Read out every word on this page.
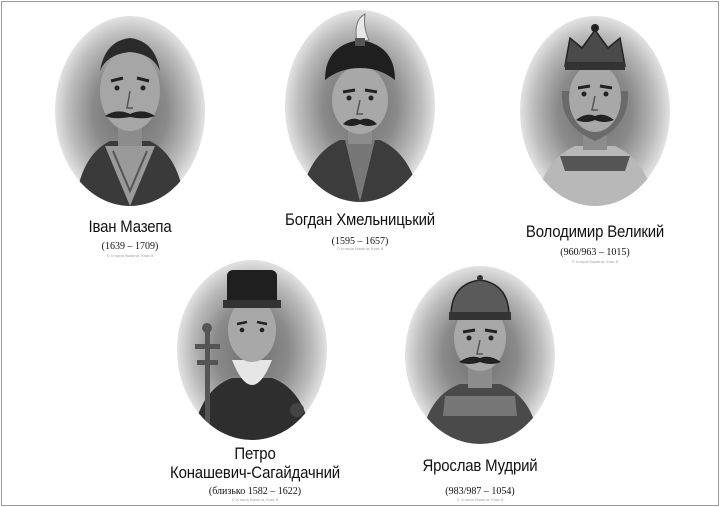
Іван Мазепа
(1639 – 1709)
© Історія України, Клас 8
Богдан Хмельницький
(1595 – 1657)
© Історія України, Клас 8
Володимир Великий
(960/963 – 1015)
© Історія України, Клас 8
Петро
Конашевич-Сагайдачний
(близько 1582 – 1622)
© Історія України, Клас 8
Ярослав Мудрий
(983/987 – 1054)
© Історія України, Клас 8
